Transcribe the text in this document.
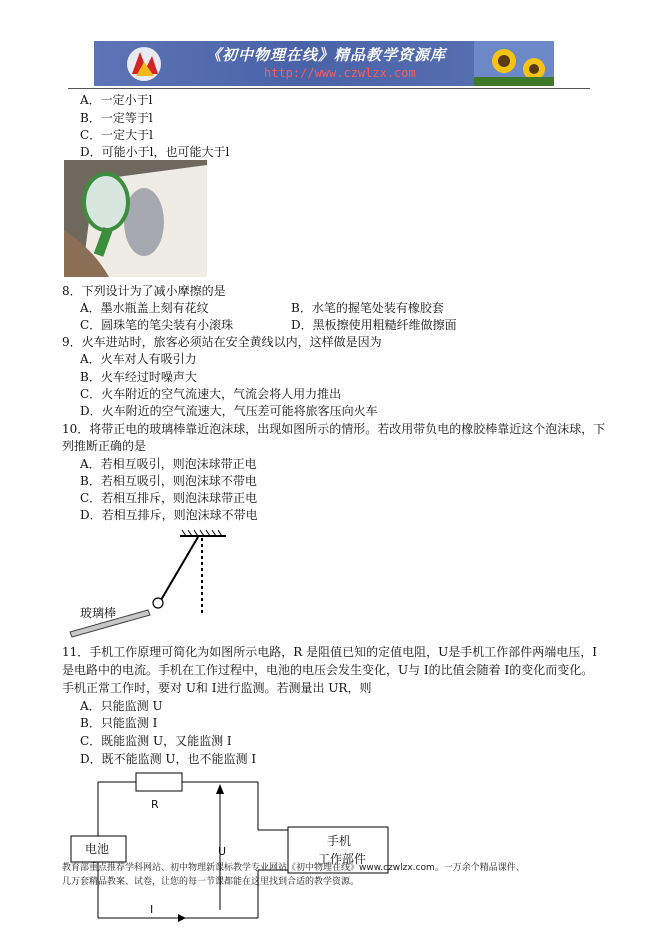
《初中物理在线》精品教学资源库
http://www.czwlzx.com
A．一定小于l
B．一定等于l
C．一定大于l
D．可能小于l，也可能大于l
8．下列设计为了减小摩擦的是
A．墨水瓶盖上刻有花纹	B．水笔的握笔处装有橡胶套
C．圆珠笔的笔尖装有小滚珠	D．黑板擦使用粗糙纤维做擦面
9．火车进站时，旅客必须站在安全黄线以内，这样做是因为
A．火车对人有吸引力
B．火车经过时噪声大
C．火车附近的空气流速大，气流会将人用力推出
D．火车附近的空气流速大，气压差可能将旅客压向火车
10．将带正电的玻璃棒靠近泡沫球，出现如图所示的情形。若改用带负电的橡胶棒靠近这个泡沫球，下
列推断正确的是
A．若相互吸引，则泡沫球带正电
B．若相互吸引，则泡沫球不带电
C．若相互排斥，则泡沫球带正电
D．若相互排斥，则泡沫球不带电
玻璃棒
11．手机工作原理可简化为如图所示电路，R 是阻值已知的定值电阻，U是手机工作部件两端电压，I
是电路中的电流。手机在工作过程中，电池的电压会发生变化，U与 I的比值会随着 I的变化而变化。
手机正常工作时，要对 U和 I进行监测。若测量出 UR，则
A．只能监测 U
B．只能监测 I
C．既能监测 U，又能监测 I
D．既不能监测 U，也不能监测 I
R
U
I
电池
手机
工作部件
教育部重点推荐学科网站、初中物理新课标教学专业网站《初中物理在线》www.czwlzx.com。一万余个精品课件、
几万套精品教案、试卷，让您的每一节课都能在这里找到合适的教学资源。
